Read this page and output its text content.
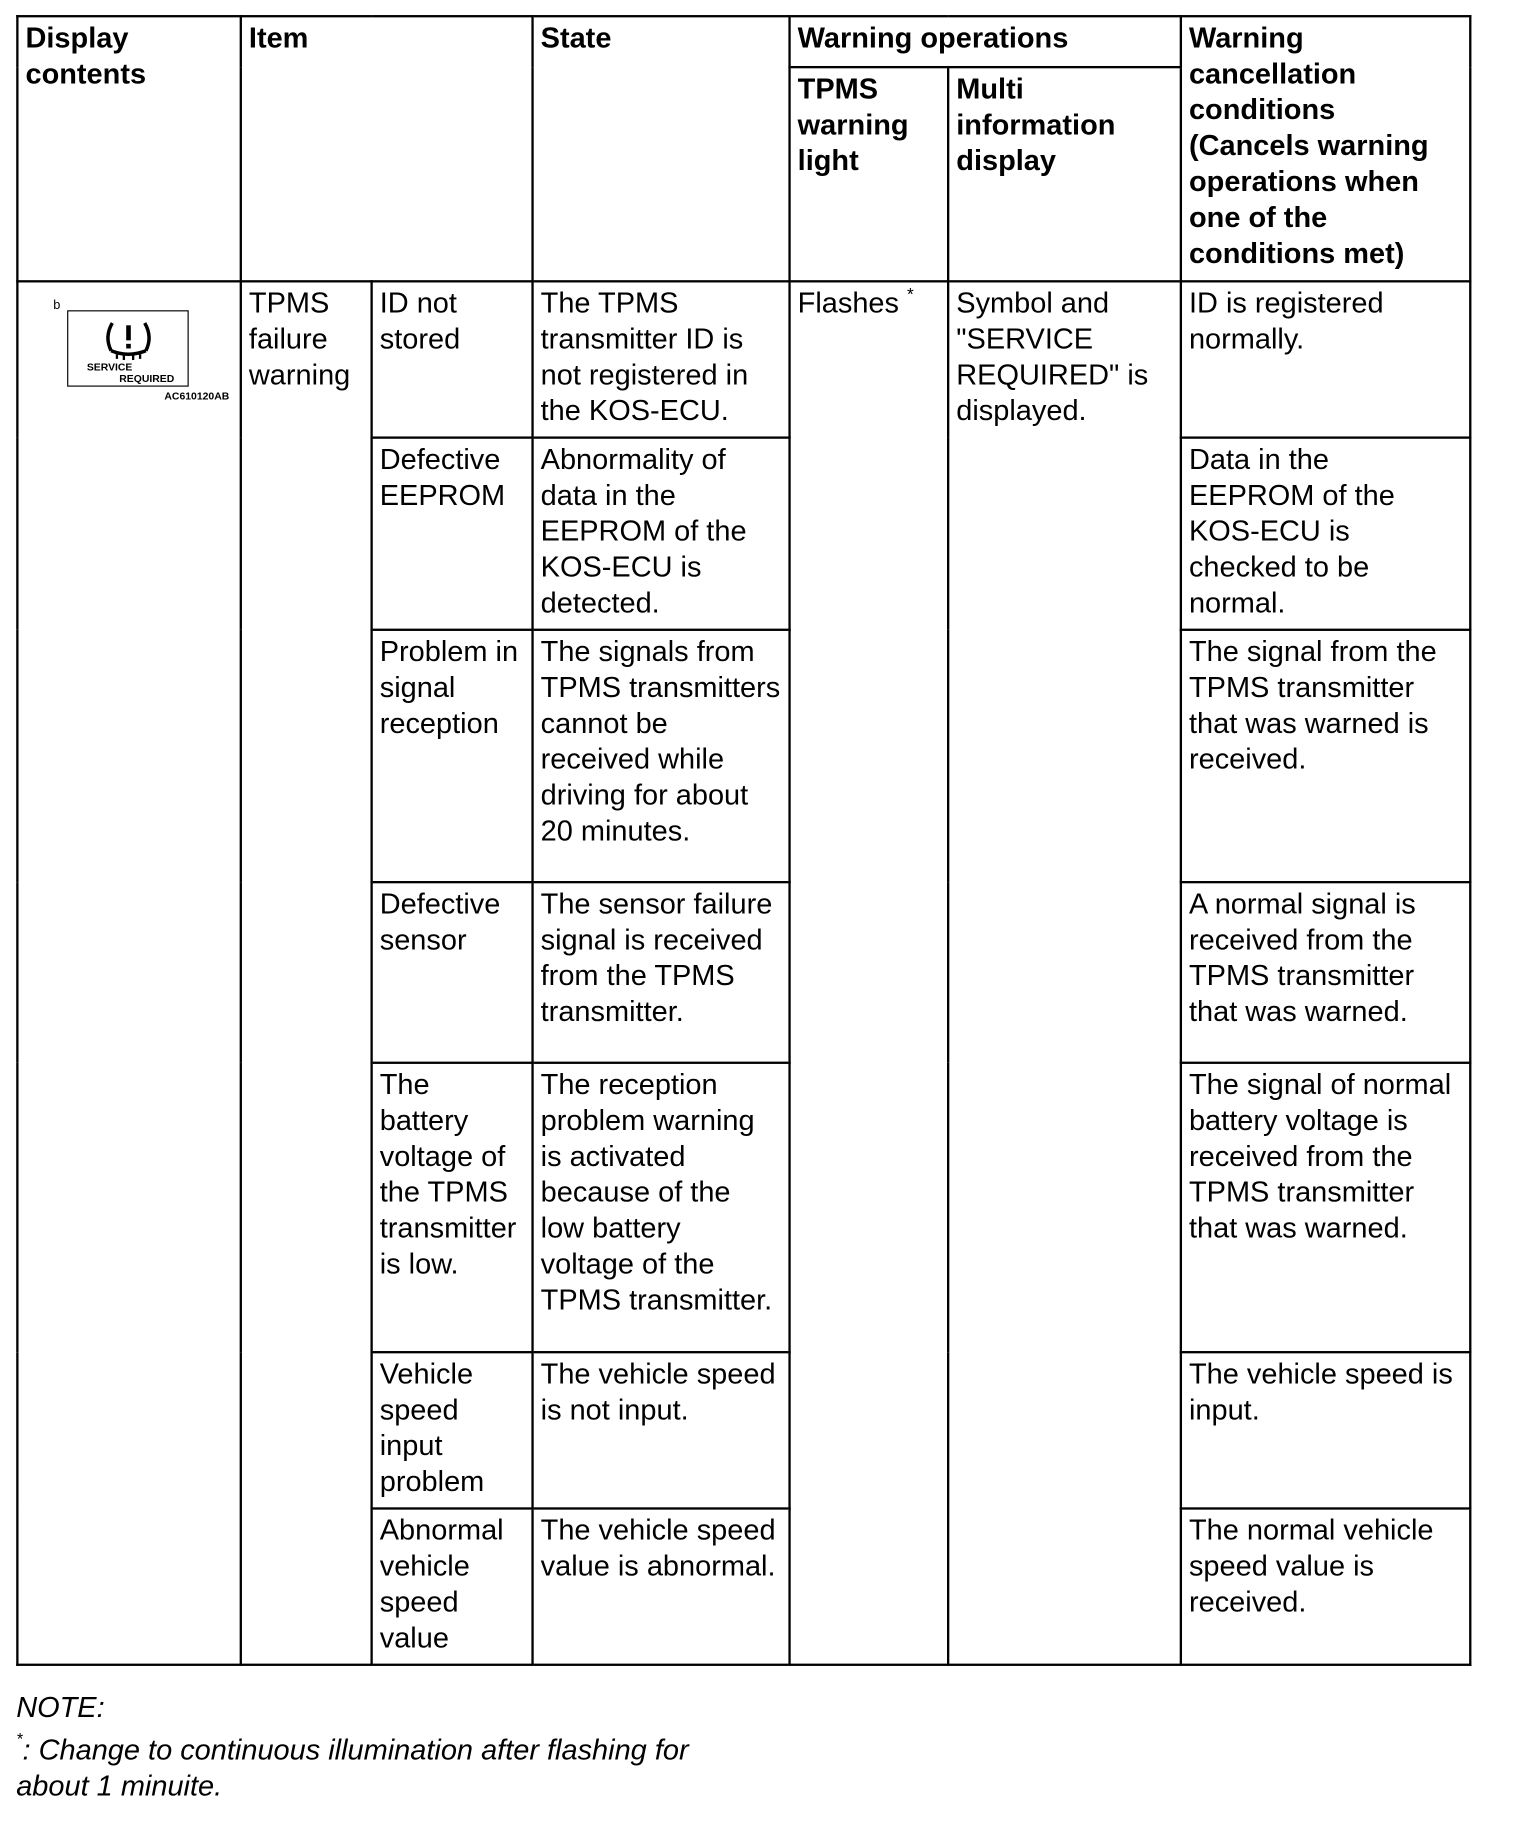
Display contents	Item		State	Warning operations		Warning cancellation conditions (Cancels warning operations when one of the conditions met)
				TPMS warning light	Multi information display	

b
SERVICE
REQUIRED
AC610120AB	TPMS failure warning	ID not stored	The TPMS transmitter ID is not registered in the KOS-ECU.	Flashes *	Symbol and "SERVICE REQUIRED" is displayed.	ID is registered normally.
		Defective EEPROM	Abnormality of data in the EEPROM of the KOS-ECU is detected.			Data in the EEPROM of the KOS-ECU is checked to be normal.
		Problem in signal reception	The signals from TPMS transmitters cannot be received while driving for about 20 minutes.			The signal from the TPMS transmitter that was warned is received.
		Defective sensor	The sensor failure signal is received from the TPMS transmitter.			A normal signal is received from the TPMS transmitter that was warned.
		The battery voltage of the TPMS transmitter is low.	The reception problem warning is activated because of the low battery voltage of the TPMS transmitter.			The signal of normal battery voltage is received from the TPMS transmitter that was warned.
		Vehicle speed input problem	The vehicle speed is not input.			The vehicle speed is input.
		Abnormal vehicle speed value	The vehicle speed value is abnormal.			The normal vehicle speed value is received.
NOTE:
*: Change to continuous illumination after flashing for about 1 minuite.
